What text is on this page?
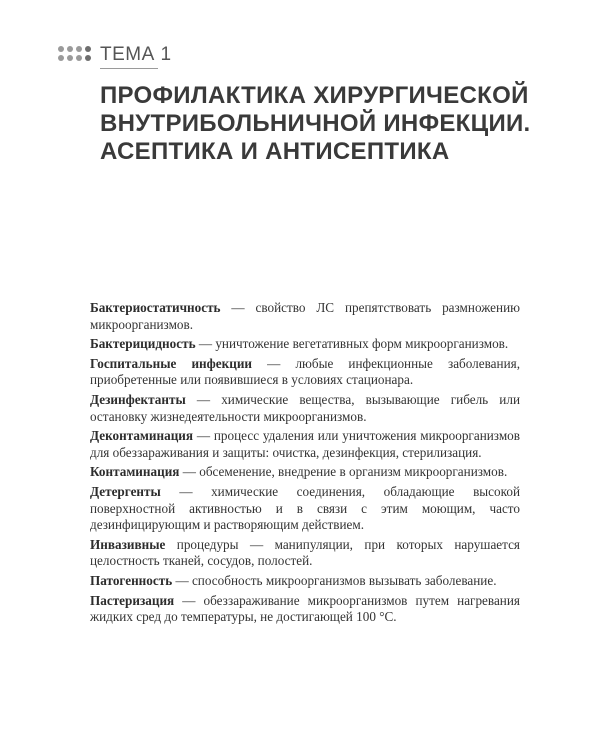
ТЕМА 1
ПРОФИЛАКТИКА ХИРУРГИЧЕСКОЙ
ВНУТРИБОЛЬНИЧНОЙ ИНФЕКЦИИ.
АСЕПТИКА И АНТИСЕПТИКА

Бактериостатичность — свойство ЛС препятствовать размножению микроорганизмов.

Бактерицидность — уничтожение вегетативных форм микроорганизмов.

Госпитальные инфекции — любые инфекционные заболевания, приобретенные или появившиеся в условиях стационара.

Дезинфектанты — химические вещества, вызывающие гибель или остановку жизнедеятельности микроорганизмов.

Деконтаминация — процесс удаления или уничтожения микроорганизмов для обеззараживания и защиты: очистка, дезинфекция, стерилизация.

Контаминация — обсеменение, внедрение в организм микроорганизмов.

Детергенты — химические соединения, обладающие высокой поверхностной активностью и в связи с этим моющим, часто дезинфицирующим и растворяющим действием.

Инвазивные процедуры — манипуляции, при которых нарушается целостность тканей, сосудов, полостей.

Патогенность — способность микроорганизмов вызывать заболевание.

Пастеризация — обеззараживание микроорганизмов путем нагревания жидких сред до температуры, не достигающей 100 °С.
